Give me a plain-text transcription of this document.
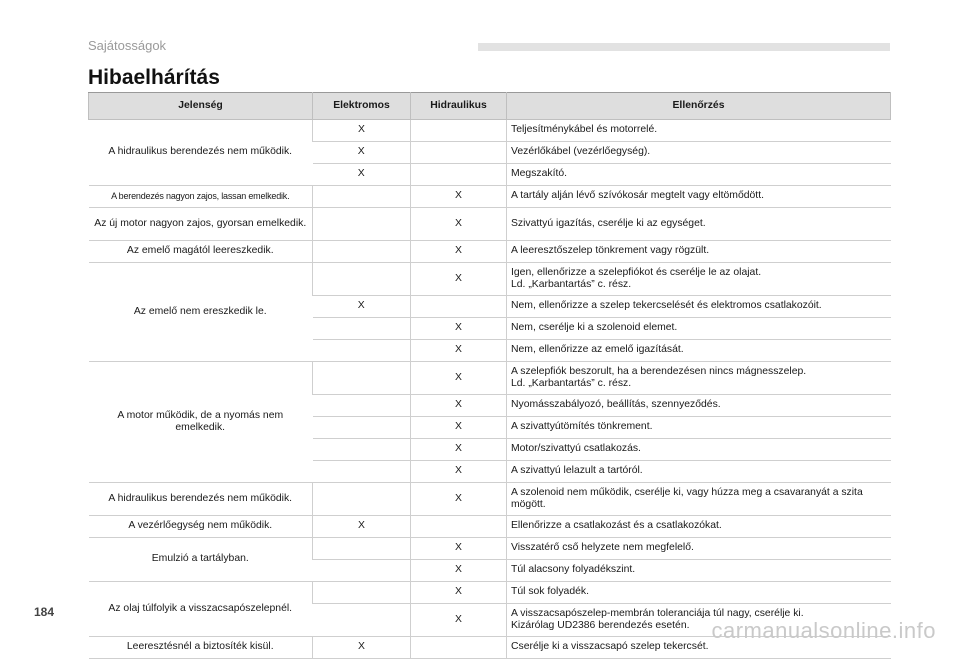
Sajátosságok
Hibaelhárítás
Jelenség	Elektromos	Hidraulikus	Ellenőrzés
A hidraulikus berendezés nem működik.	X		Teljesítménykábel és motorrelé.
	X		Vezérlőkábel (vezérlőegység).
	X		Megszakító.
A berendezés nagyon zajos, lassan emelkedik.		X	A tartály alján lévő szívókosár megtelt vagy eltömődött.
Az új motor nagyon zajos, gyorsan emelkedik.		X	Szivattyú igazítás, cserélje ki az egységet.
Az emelő magától leereszkedik.		X	A leeresztőszelep tönkrement vagy rögzült.
Az emelő nem ereszkedik le.		X	Igen, ellenőrizze a szelepfiókot és cserélje le az olajat.
Ld. „Karbantartás” c. rész.
	X		Nem, ellenőrizze a szelep tekercselését és elektromos csatlakozóit.
		X	Nem, cserélje ki a szolenoid elemet.
		X	Nem, ellenőrizze az emelő igazítását.
A motor működik, de a nyomás nem emelkedik.		X	A szelepfiók beszorult, ha a berendezésen nincs mágnesszelep.
Ld. „Karbantartás” c. rész.
		X	Nyomásszabályozó, beállítás, szennyeződés.
		X	A szivattyútömítés tönkrement.
		X	Motor/szivattyú csatlakozás.
		X	A szivattyú lelazult a tartóról.
A hidraulikus berendezés nem működik.		X	A szolenoid nem működik, cserélje ki, vagy húzza meg a csavaranyát a szita mögött.
A vezérlőegység nem működik.	X		Ellenőrizze a csatlakozást és a csatlakozókat.
Emulzió a tartályban.		X	Visszatérő cső helyzete nem megfelelő.
		X	Túl alacsony folyadékszint.
Az olaj túlfolyik a visszacsapószelepnél.		X	Túl sok folyadék.
		X	A visszacsapószelep-membrán toleranciája túl nagy, cserélje ki.
Kizárólag UD2386 berendezés esetén.
Leeresztésnél a biztosíték kisül.	X		Cserélje ki a visszacsapó szelep tekercsét.
184
carmanualsonline.info
